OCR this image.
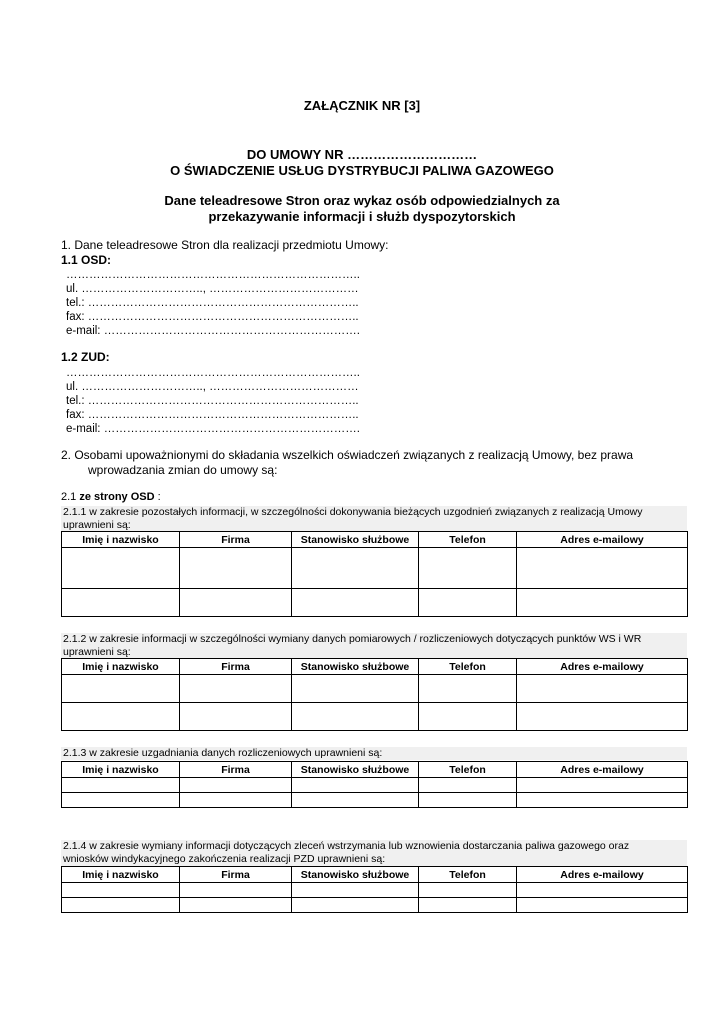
ZAŁĄCZNIK NR [3]
DO UMOWY NR …………………………
O ŚWIADCZENIE USŁUG DYSTRYBUCJI PALIWA GAZOWEGO
Dane teleadresowe Stron oraz wykaz osób odpowiedzialnych za
przekazywanie informacji i służb dyspozytorskich
1. Dane teleadresowe Stron dla realizacji przedmiotu Umowy:
1.1 OSD:
…………………………………………………………………..
ul. ………………………….., …………………………………
tel.: ……………………………………………………………..
fax: ……………………………………………………………..
e-mail: ………………………………………………………….
1.2 ZUD:
…………………………………………………………………..
ul. ………………………….., …………………………………
tel.: ……………………………………………………………..
fax: ……………………………………………………………..
e-mail: ………………………………………………………….
2. Osobami upoważnionymi do składania wszelkich oświadczeń związanych z realizacją Umowy, bez prawa
wprowadzania zmian do umowy są:
2.1 ze strony OSD :
2.1.1 w zakresie pozostałych informacji, w szczególności dokonywania bieżących uzgodnień związanych z realizacją Umowy
uprawnieni są:
Imię i nazwisko	Firma	Stanowisko służbowe	Telefon	Adres e-mailowy

2.1.2 w zakresie informacji w szczególności wymiany danych pomiarowych / rozliczeniowych dotyczących punktów WS i WR
uprawnieni są:
Imię i nazwisko	Firma	Stanowisko służbowe	Telefon	Adres e-mailowy

2.1.3 w zakresie uzgadniania danych rozliczeniowych uprawnieni są:
Imię i nazwisko	Firma	Stanowisko służbowe	Telefon	Adres e-mailowy

2.1.4 w zakresie wymiany informacji dotyczących zleceń wstrzymania lub wznowienia dostarczania paliwa gazowego oraz
wniosków windykacyjnego zakończenia realizacji PZD uprawnieni są:
Imię i nazwisko	Firma	Stanowisko służbowe	Telefon	Adres e-mailowy
